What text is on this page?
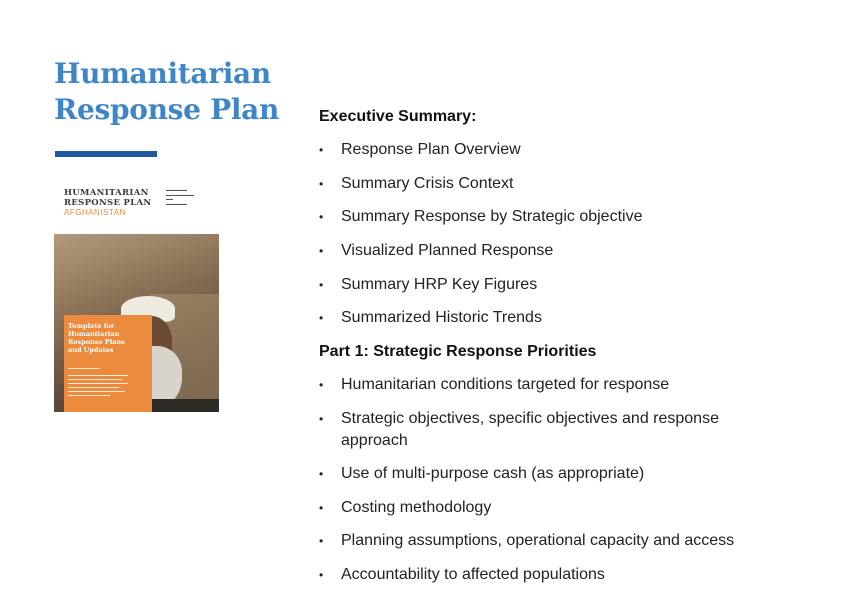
Humanitarian
Response Plan
HUMANITARIAN
RESPONSE PLAN
AFGHANISTAN
▬▬▬▬▬▬
▬▬▬▬▬▬▬▬
▬▬
▬▬▬▬▬▬
Template for
Humanitarian
Response Plans
and Updates
▬▬▬▬▬▬▬▬▬
▬▬▬▬▬▬▬▬▬▬▬▬▬▬▬▬▬▬▬▬ ▬▬▬▬▬▬▬▬▬▬▬▬▬▬▬▬▬▬ ▬▬▬▬▬▬▬▬▬▬▬▬▬▬▬▬▬▬▬▬ ▬▬▬▬▬▬▬▬▬▬▬▬▬▬▬▬▬ ▬▬▬▬▬▬▬▬▬▬▬▬▬▬▬▬▬▬▬ ▬▬▬▬▬▬▬▬▬▬▬▬▬▬
Executive Summary:
• Response Plan Overview
• Summary Crisis Context
• Summary Response by Strategic objective
• Visualized Planned Response
• Summary HRP Key Figures
• Summarized Historic Trends
Part 1: Strategic Response Priorities
• Humanitarian conditions targeted for response
• Strategic objectives, specific objectives and response approach
• Use of multi-purpose cash (as appropriate)
• Costing methodology
• Planning assumptions, operational capacity and access
• Accountability to affected populations
